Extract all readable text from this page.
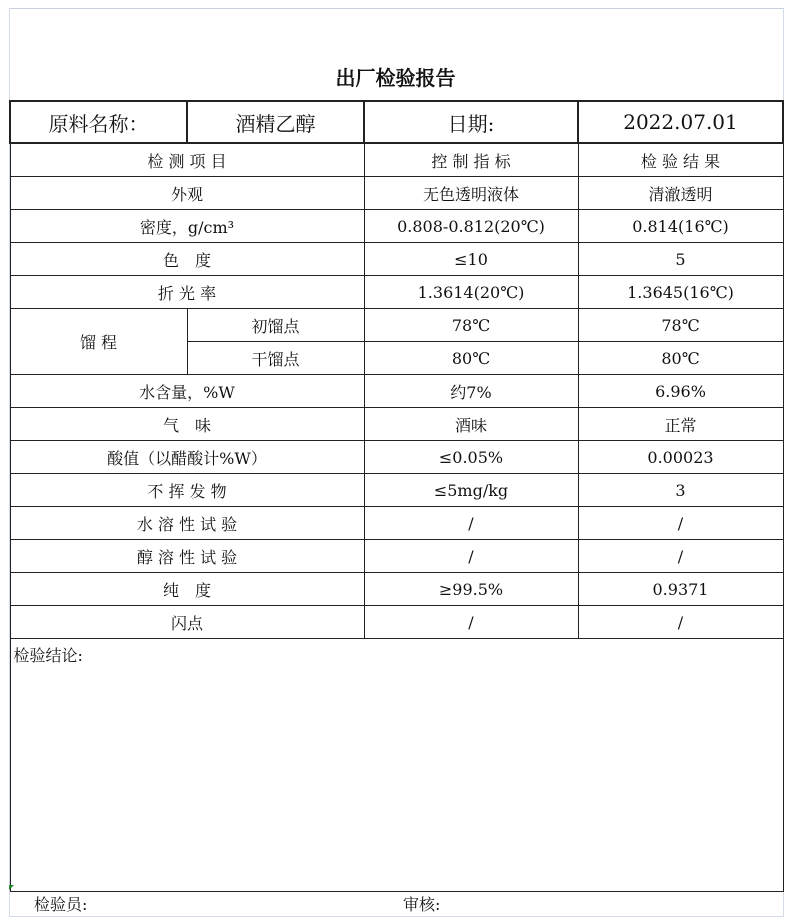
出厂检验报告
原料名称：	酒精乙醇	日期:	2022.07.01
检 测 项 目		控 制 指 标	检 验 结 果
外观		无色透明液体	清澈透明
密度，g/cm³		0.808-0.812(20℃)	0.814(16℃)
色　度		≤10	5
折 光 率		1.3614(20℃)	1.3645(16℃)
馏 程	初馏点	78℃	78℃
	干馏点	80℃	80℃
水含量，%W		约7%	6.96%
气　味		酒味	正常
酸值（以醋酸计%W）		≤0.05%	0.00023
不 挥 发 物		≤5mg/kg	3
水 溶 性 试 验		/	/
醇 溶 性 试 验		/	/
纯　度		≥99.5%	0.9371
闪点		/	/
检验结论:			
检验员:	审核:
